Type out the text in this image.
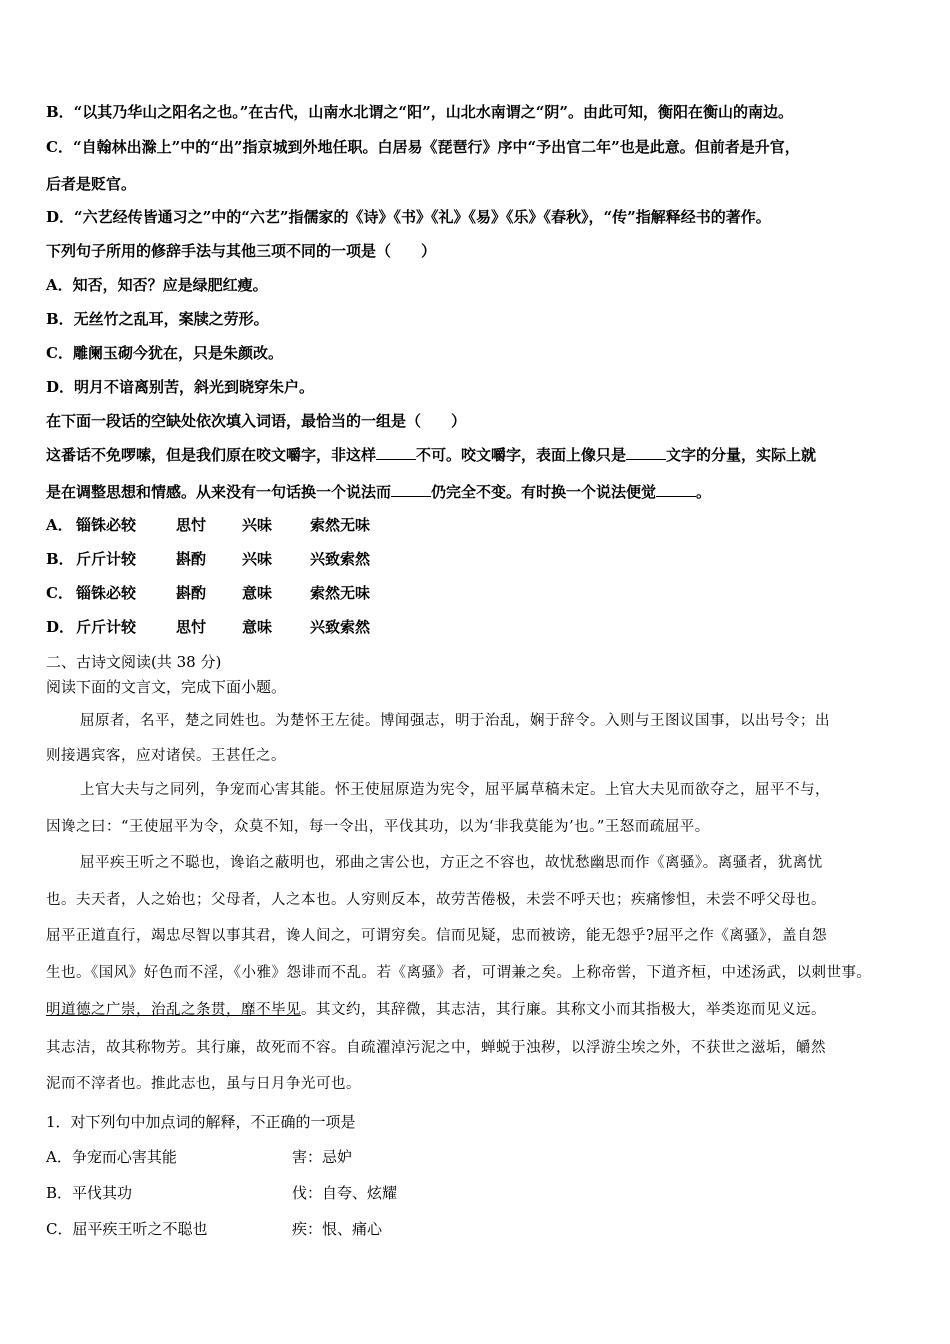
B．“以其乃华山之阳名之也。”在古代，山南水北谓之“阳”，山北水南谓之“阴”。由此可知，衡阳在衡山的南边。
C．“自翰林出滁上”中的“出”指京城到外地任职。白居易《琵琶行》序中“予出官二年”也是此意。但前者是升官，
后者是贬官。
D．“六艺经传皆通习之”中的“六艺”指儒家的《诗》《书》《礼》《易》《乐》《春秋》，“传”指解释经书的著作。
下列句子所用的修辞手法与其他三项不同的一项是（　　）
A．知否，知否？应是绿肥红瘦。
B．无丝竹之乱耳，案牍之劳形。
C．雕阑玉砌今犹在，只是朱颜改。
D．明月不谙离别苦，斜光到晓穿朱户。
在下面一段话的空缺处依次填入词语，最恰当的一组是（　　）
这番话不免啰嗦，但是我们原在咬文嚼字，非这样	不可。咬文嚼字，表面上像只是	文字的分量，实际上就
是在调整思想和情感。从来没有一句话换一个说法而	仍完全不变。有时换一个说法便觉	。
A． 锱铢必较	思忖 兴味	索然无味
B． 斤斤计较	斟酌 兴味	兴致索然
C． 锱铢必较	斟酌 意味	索然无味
D． 斤斤计较	思忖 意味	兴致索然
二、古诗文阅读(共 38 分)
阅读下面的文言文，完成下面小题。
屈原者，名平，楚之同姓也。为楚怀王左徒。博闻强志，明于治乱，娴于辞令。入则与王图议国事，以出号令；出
则接遇宾客，应对诸侯。王甚任之。
上官大夫与之同列，争宠而心害其能。怀王使屈原造为宪令，屈平属草稿未定。上官大夫见而欲夺之，屈平不与，
因谗之曰：“王使屈平为令，众莫不知，每一令出，平伐其功，以为‘非我莫能为’也。”王怒而疏屈平。
屈平疾王听之不聪也，谗谄之蔽明也，邪曲之害公也，方正之不容也，故忧愁幽思而作《离骚》。离骚者，犹离忧
也。夫天者，人之始也；父母者，人之本也。人穷则反本，故劳苦倦极，未尝不呼天也；疾痛惨怛，未尝不呼父母也。
屈平正道直行，竭忠尽智以事其君，谗人间之，可谓穷矣。信而见疑，忠而被谤，能无怨乎?屈平之作《离骚》，盖自怨
生也。《国风》好色而不淫，《小雅》怨诽而不乱。若《离骚》者，可谓兼之矣。上称帝喾，下道齐桓，中述汤武，以刺世事。
明道德之广崇，治乱之条贯，靡不毕见。其文约，其辞微，其志洁，其行廉。其称文小而其指极大，举类迩而见义远。
其志洁，故其称物芳。其行廉，故死而不容。自疏濯淖污泥之中，蝉蜕于浊秽，以浮游尘埃之外，不获世之滋垢，皭然
泥而不滓者也。推此志也，虽与日月争光可也。
1．对下列句中加点词的解释，不正确的一项是
A．争宠而心害其能	害：忌妒
B．平伐其功	伐：自夸、炫耀
C．屈平疾王听之不聪也	疾：恨、痛心
